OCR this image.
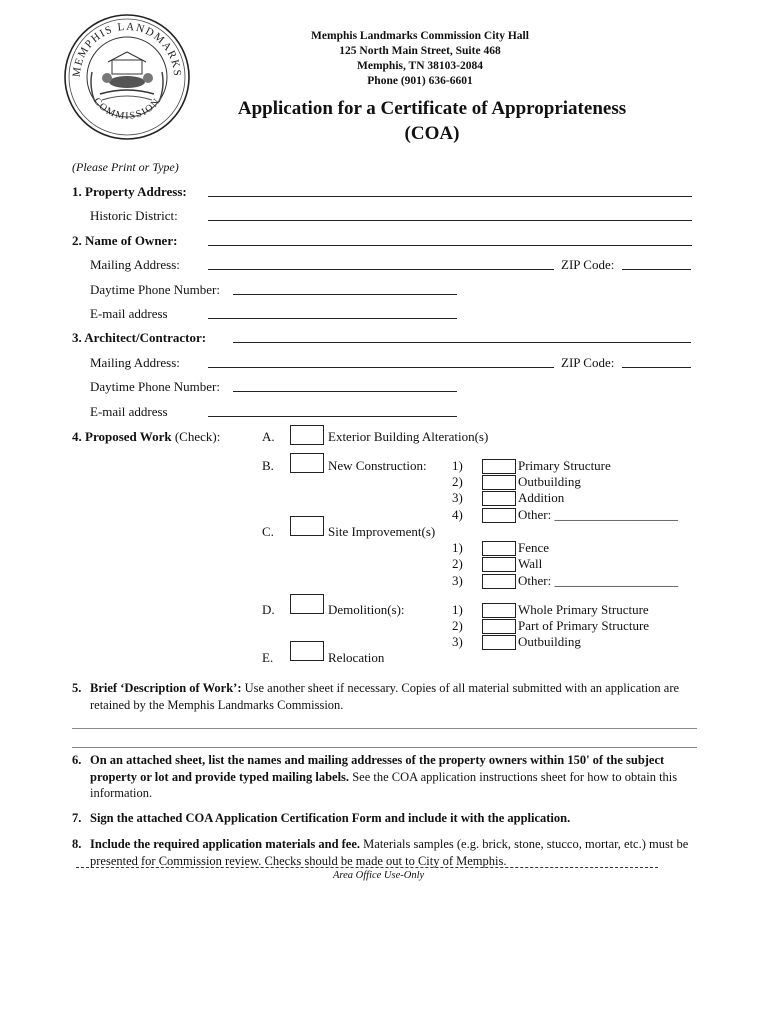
MEMPHIS LANDMARKS
COMMISSION
Memphis Landmarks Commission City Hall
125 North Main Street, Suite 468
Memphis, TN 38103-2084
Phone (901) 636-6601
Application for a Certificate of Appropriateness
(COA)
(Please Print or Type)
1. Property Address:
Historic District:
2. Name of Owner:
Mailing Address:	ZIP Code:
Daytime Phone Number:
E-mail address
3. Architect/Contractor:
Mailing Address:	ZIP Code:
Daytime Phone Number:
E-mail address
4. Proposed Work (Check):	A.	Exterior Building Alteration(s)
B.	New Construction: 1)	Primary Structure
2)	Outbuilding
3)	Addition
4)	Other: ___________________
C.	Site Improvement(s)
1)	Fence
2)	Wall
3)	Other: ___________________
D.	Demolition(s):	1)	Whole Primary Structure
2)	Part of Primary Structure
3)	Outbuilding
E.	Relocation
5. Brief ‘Description of Work’: Use another sheet if necessary. Copies of all material submitted with an application are retained by the Memphis Landmarks Commission.
6. On an attached sheet, list the names and mailing addresses of the property owners within 150' of the subject property or lot and provide typed mailing labels. See the COA application instructions sheet for how to obtain this information.
7. Sign the attached COA Application Certification Form and include it with the application.
8. Include the required application materials and fee. Materials samples (e.g. brick, stone, stucco, mortar, etc.) must be presented for Commission review. Checks should be made out to City of Memphis.
Area Office Use-Only
